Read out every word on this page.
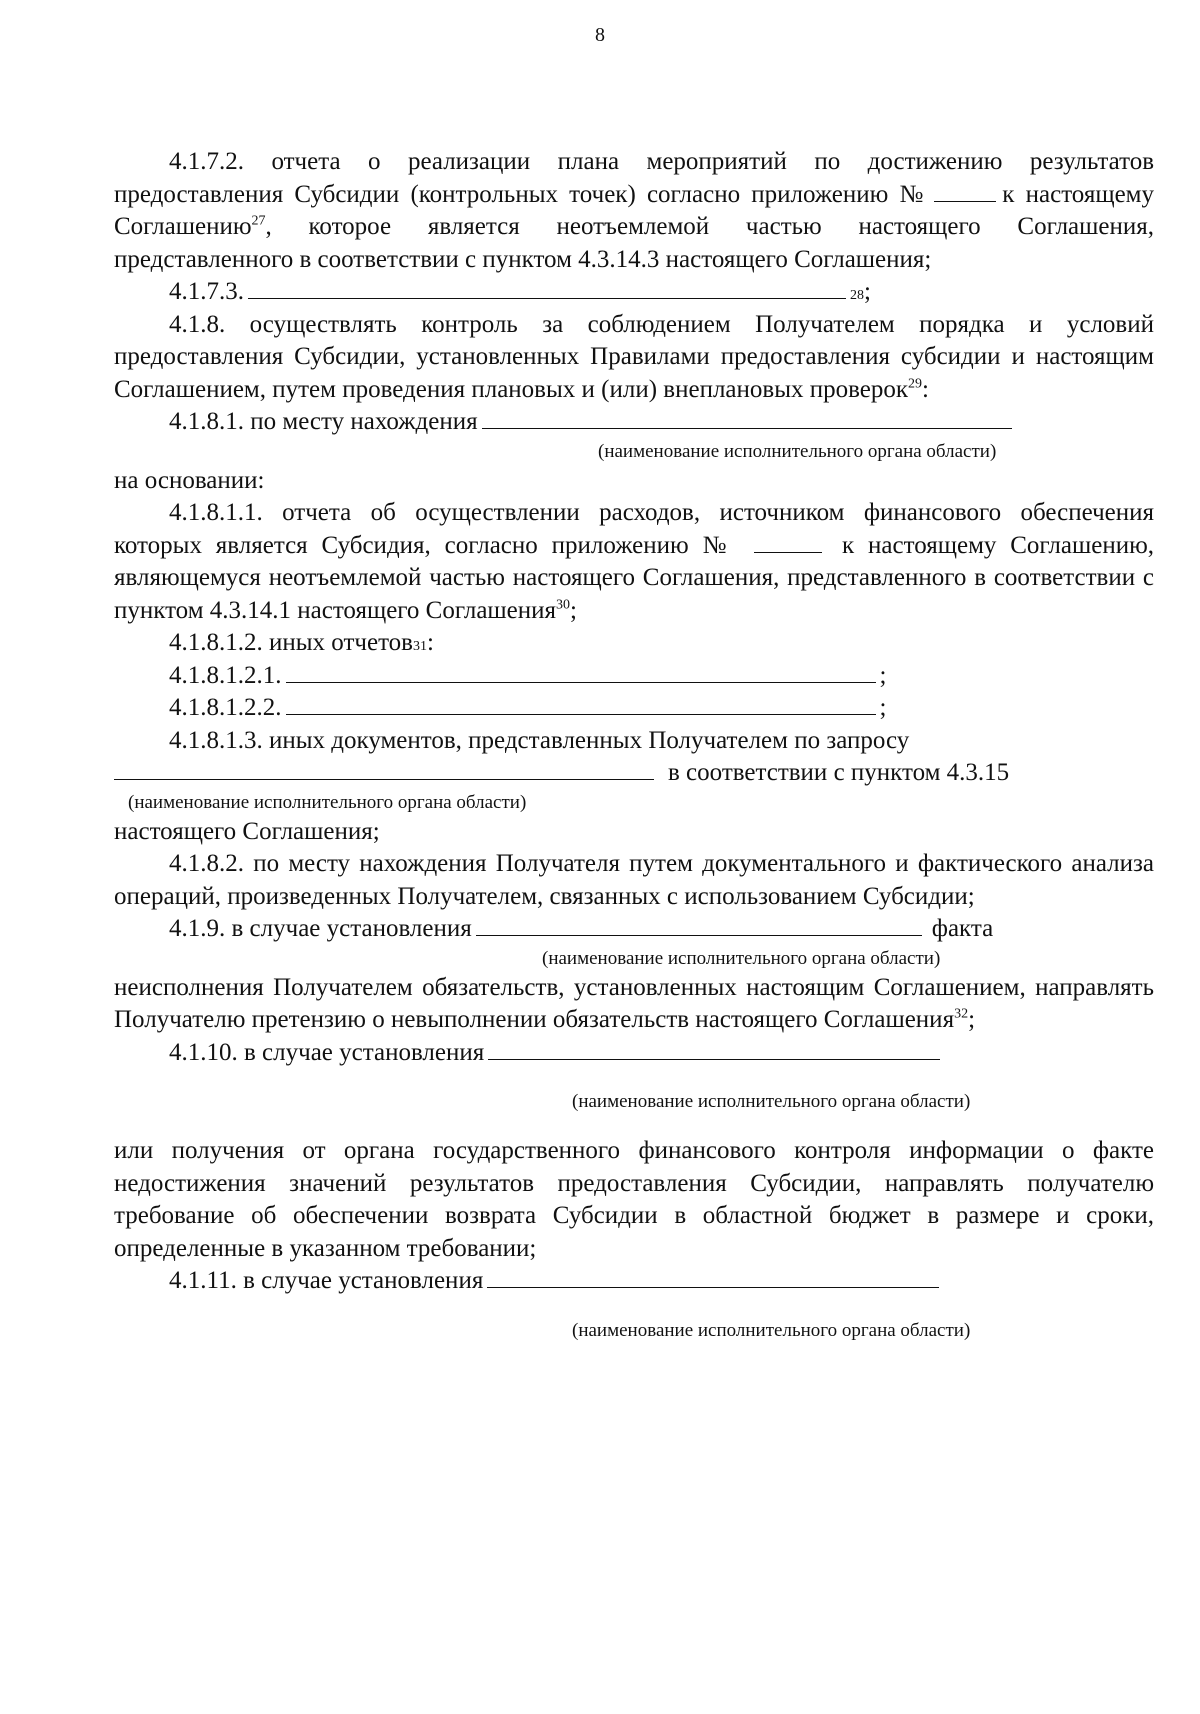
8

4.1.7.2. отчета о реализации плана мероприятий по достижению результатов предоставления Субсидии (контрольных точек) согласно приложению №	к настоящему Соглашению$^{27}$, которое является неотъемлемой частью настоящего Соглашения, представленного в соответствии с пунктом 4.3.14.3 настоящего Соглашения;

4.1.7.3.	28 ;

4.1.8. осуществлять контроль за соблюдением Получателем порядка и условий предоставления Субсидии, установленных Правилами предоставления субсидии и настоящим Соглашением, путем проведения плановых и (или) внеплановых проверок$^{29}$:

4.1.8.1. по месту нахождения
(наименование исполнительного органа области)

на основании:

4.1.8.1.1. отчета об осуществлении расходов, источником финансового обеспечения которых является Субсидия, согласно приложению №	к настоящему Соглашению, являющемуся неотъемлемой частью настоящего Соглашения, представленного в соответствии с пунктом 4.3.14.1 настоящего Соглашения$^{30}$;

4.1.8.1.2. иных отчетов 31 :
4.1.8.1.2.1.	;
4.1.8.1.2.2.	;
4.1.8.1.3. иных документов, представленных Получателем по запросу
в соответствии с пунктом 4.3.15
(наименование исполнительного органа области)

настоящего Соглашения;

4.1.8.2. по месту нахождения Получателя путем документального и фактического анализа операций, произведенных Получателем, связанных с использованием Субсидии;

4.1.9. в случае установления	факта
(наименование исполнительного органа области)

неисполнения Получателем обязательств, установленных настоящим Соглашением, направлять Получателю претензию о невыполнении обязательств настоящего Соглашения$^{32}$;

4.1.10. в случае установления
(наименование исполнительного органа области)

или получения от органа государственного финансового контроля информации о факте недостижения значений результатов предоставления Субсидии, направлять получателю требование об обеспечении возврата Субсидии в областной бюджет в размере и сроки, определенные в указанном требовании;

4.1.11. в случае установления
(наименование исполнительного органа области)
